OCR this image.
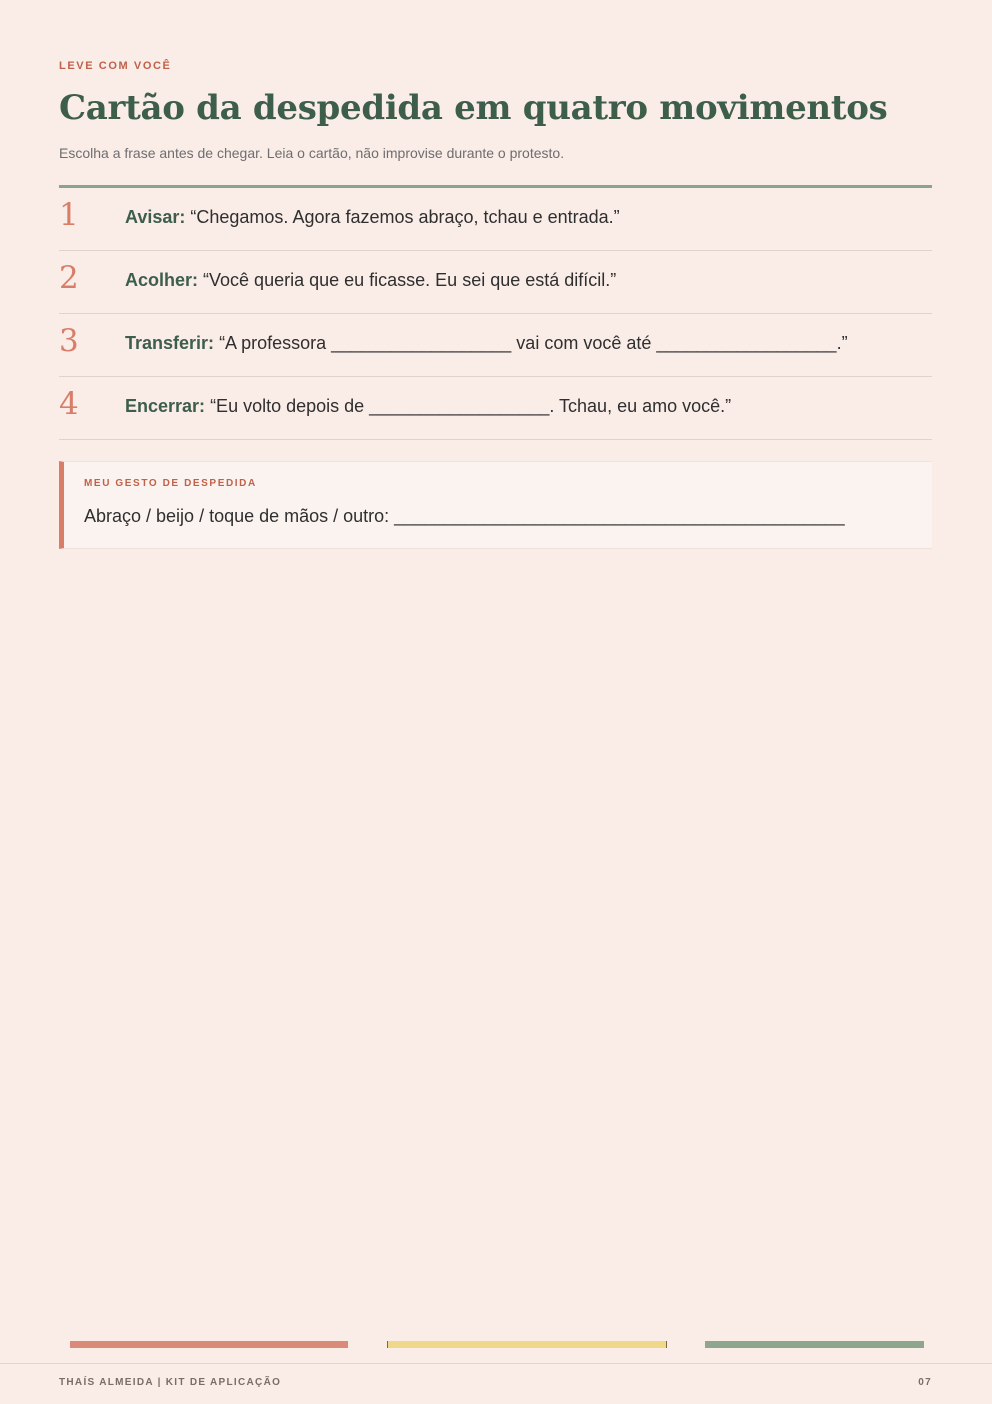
LEVE COM VOCÊ
Cartão da despedida em quatro movimentos
Escolha a frase antes de chegar. Leia o cartão, não improvise durante o protesto.
1	Avisar: “Chegamos. Agora fazemos abraço, tchau e entrada.”
2	Acolher: “Você queria que eu ficasse. Eu sei que está difícil.”
3	Transferir: “A professora __________________ vai com você até __________________.”
4	Encerrar: “Eu volto depois de __________________. Tchau, eu amo você.”
MEU GESTO DE DESPEDIDA
Abraço / beijo / toque de mãos / outro: _____________________________________________
THAÍS ALMEIDA | KIT DE APLICAÇÃO	07
